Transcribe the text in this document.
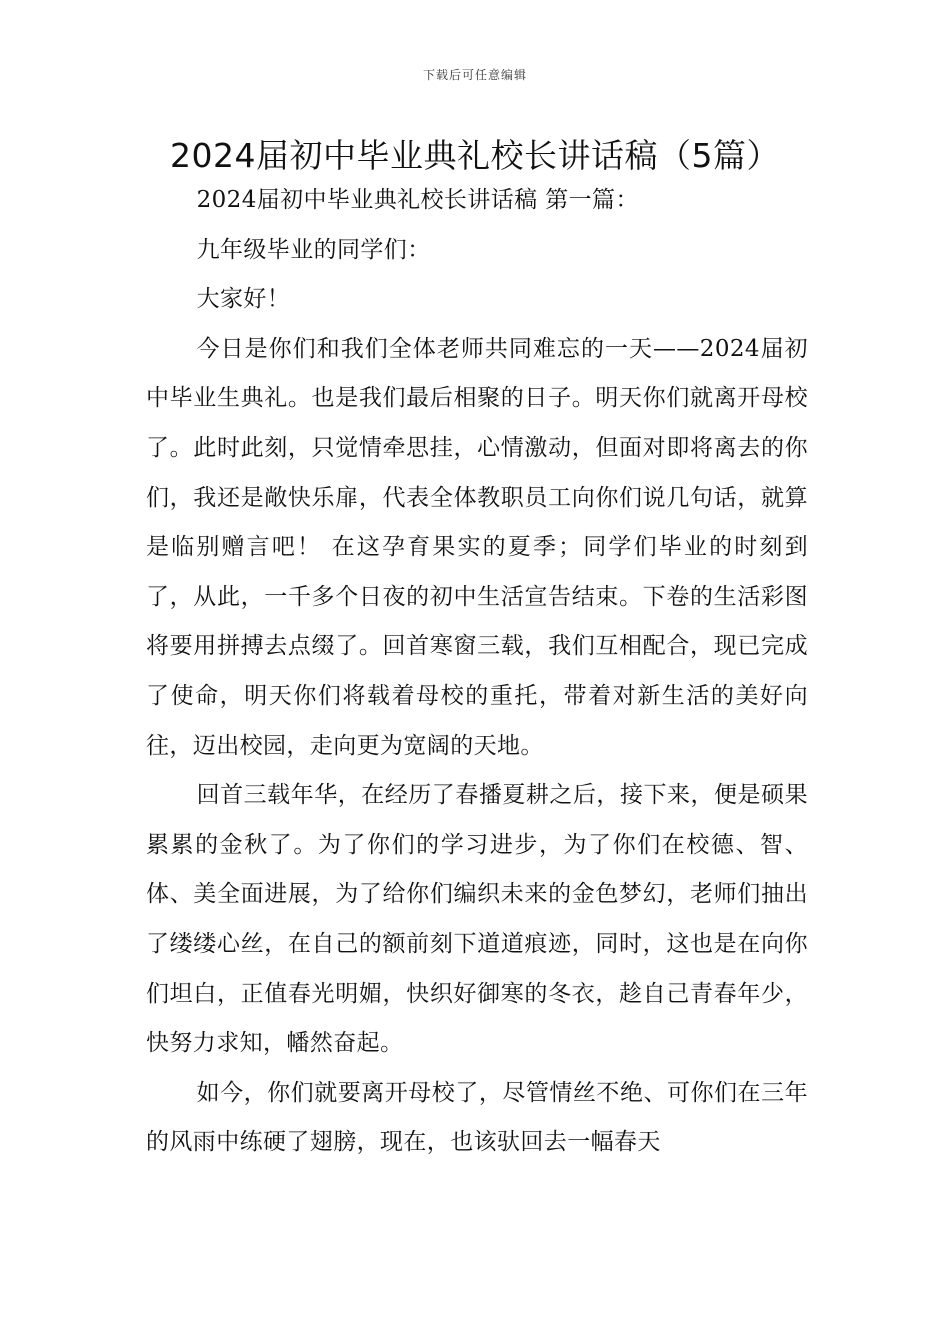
下载后可任意编辑
2024届初中毕业典礼校长讲话稿（5篇）

2024届初中毕业典礼校长讲话稿 第一篇：

九年级毕业的同学们：

大家好！

今日是你们和我们全体老师共同难忘的一天——2024届初中毕业生典礼。也是我们最后相聚的日子。明天你们就离开母校了。此时此刻，只觉情牵思挂，心情激动，但面对即将离去的你们，我还是敞快乐扉，代表全体教职员工向你们说几句话，就算是临别赠言吧！ 在这孕育果实的夏季；同学们毕业的时刻到了，从此，一千多个日夜的初中生活宣告结束。下卷的生活彩图将要用拼搏去点缀了。回首寒窗三载，我们互相配合，现已完成了使命，明天你们将载着母校的重托，带着对新生活的美好向往，迈出校园，走向更为宽阔的天地。

回首三载年华，在经历了春播夏耕之后，接下来，便是硕果累累的金秋了。为了你们的学习进步，为了你们在校德、智、体、美全面进展，为了给你们编织未来的金色梦幻，老师们抽出了缕缕心丝，在自己的额前刻下道道痕迹，同时，这也是在向你们坦白，正值春光明媚，快织好御寒的冬衣，趁自己青春年少，快努力求知，幡然奋起。

如今，你们就要离开母校了，尽管情丝不绝、可你们在三年的风雨中练硬了翅膀，现在，也该驮回去一幅春天
